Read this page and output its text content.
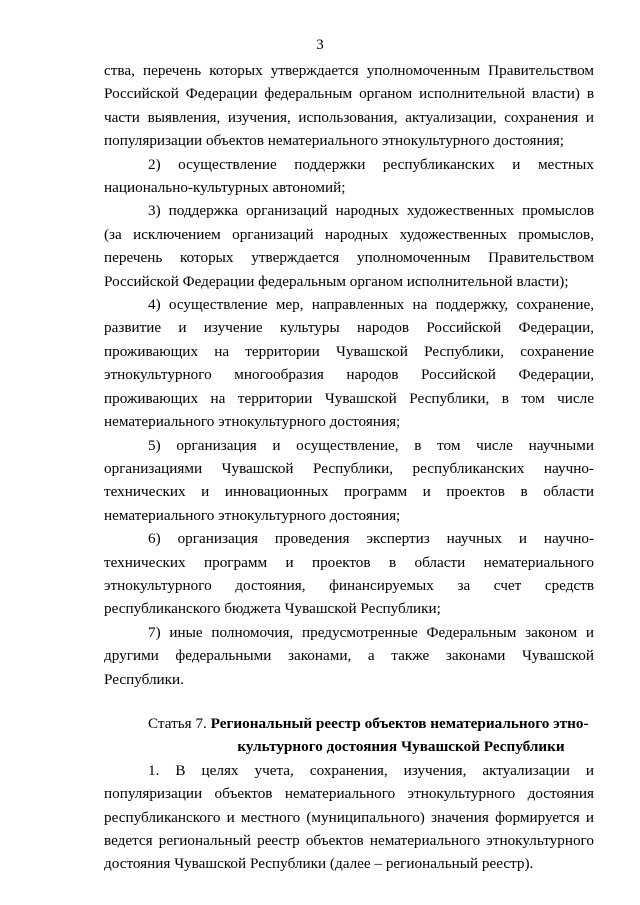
3

ства, перечень которых утверждается уполномоченным Правительством Российской Федерации федеральным органом исполнительной власти) в части выявления, изучения, использования, актуализации, сохранения и популяризации объектов нематериального этнокультурного достояния;

2) осуществление поддержки республиканских и местных национально-культурных автономий;

3) поддержка организаций народных художественных промыслов (за исключением организаций народных художественных промыслов, перечень которых утверждается уполномоченным Правительством Российской Федерации федеральным органом исполнительной власти);

4) осуществление мер, направленных на поддержку, сохранение, развитие и изучение культуры народов Российской Федерации, проживающих на территории Чувашской Республики, сохранение этнокультурного многообразия народов Российской Федерации, проживающих на территории Чувашской Республики, в том числе нематериального этнокультурного достояния;

5) организация и осуществление, в том числе научными организациями Чувашской Республики, республиканских научно-технических и инновационных программ и проектов в области нематериального этнокультурного достояния;

6) организация проведения экспертиз научных и научно-технических программ и проектов в области нематериального этнокультурного достояния, финансируемых за счет средств республиканского бюджета Чувашской Республики;

7) иные полномочия, предусмотренные Федеральным законом и другими федеральными законами, а также законами Чувашской Республики.

Статья 7. Региональный реестр объектов нематериального этно-
культурного достояния Чувашской Республики

1. В целях учета, сохранения, изучения, актуализации и популяризации объектов нематериального этнокультурного достояния республиканского и местного (муниципального) значения формируется и ведется региональный реестр объектов нематериального этнокультурного достояния Чувашской Республики (далее – региональный реестр).
